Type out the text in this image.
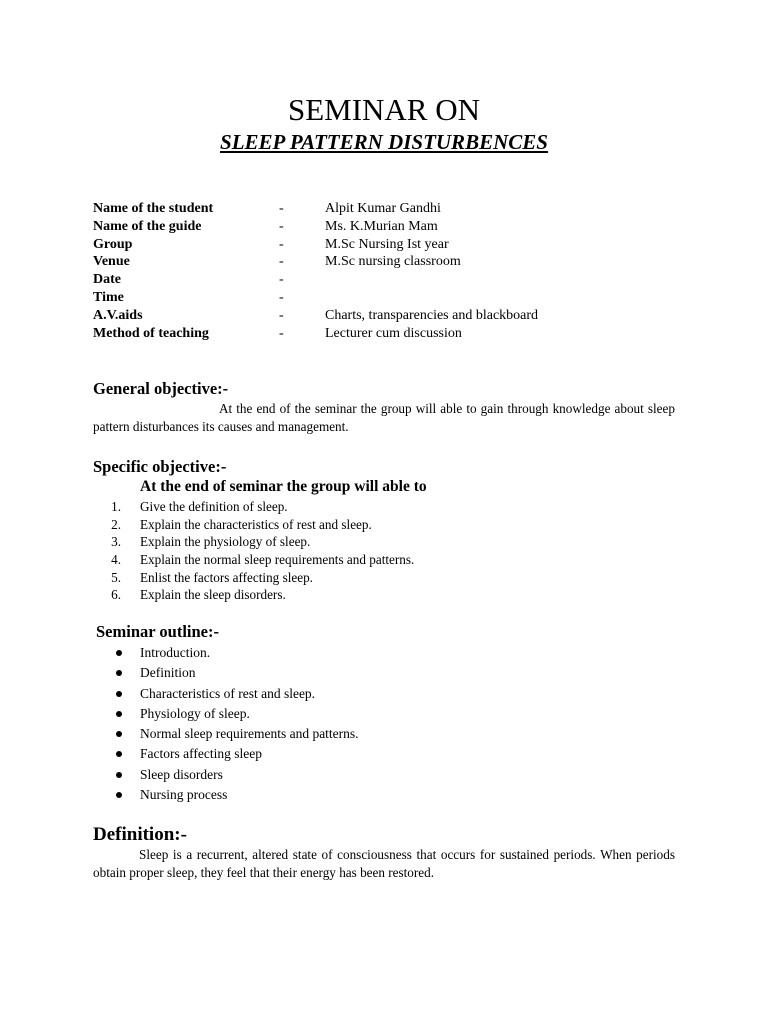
SEMINAR ON
SLEEP PATTERN DISTURBENCES
Name of the student	-	Alpit Kumar Gandhi
Name of the guide	-	Ms. K.Murian Mam
Group	-	M.Sc Nursing Ist year
Venue	-	M.Sc nursing classroom
Date	-
Time	-
A.V.aids	-	Charts, transparencies and blackboard
Method of teaching	-	Lecturer cum discussion
General objective:-

At the end of the seminar the group will able to gain through knowledge about sleep pattern disturbances its causes and management.

Specific objective:-

At the end of seminar the group will able to

1. Give the definition of sleep.
2. Explain the characteristics of rest and sleep.
3. Explain the physiology of sleep.
4. Explain the normal sleep requirements and patterns.
5. Enlist the factors affecting sleep.
6. Explain the sleep disorders.
Seminar outline:-
Introduction.
Definition
Characteristics of rest and sleep.
Physiology of sleep.
Normal sleep requirements and patterns.
Factors affecting sleep
Sleep disorders
Nursing process
Definition:-

Sleep is a recurrent, altered state of consciousness that occurs for sustained periods. When periods obtain proper sleep, they feel that their energy has been restored.
